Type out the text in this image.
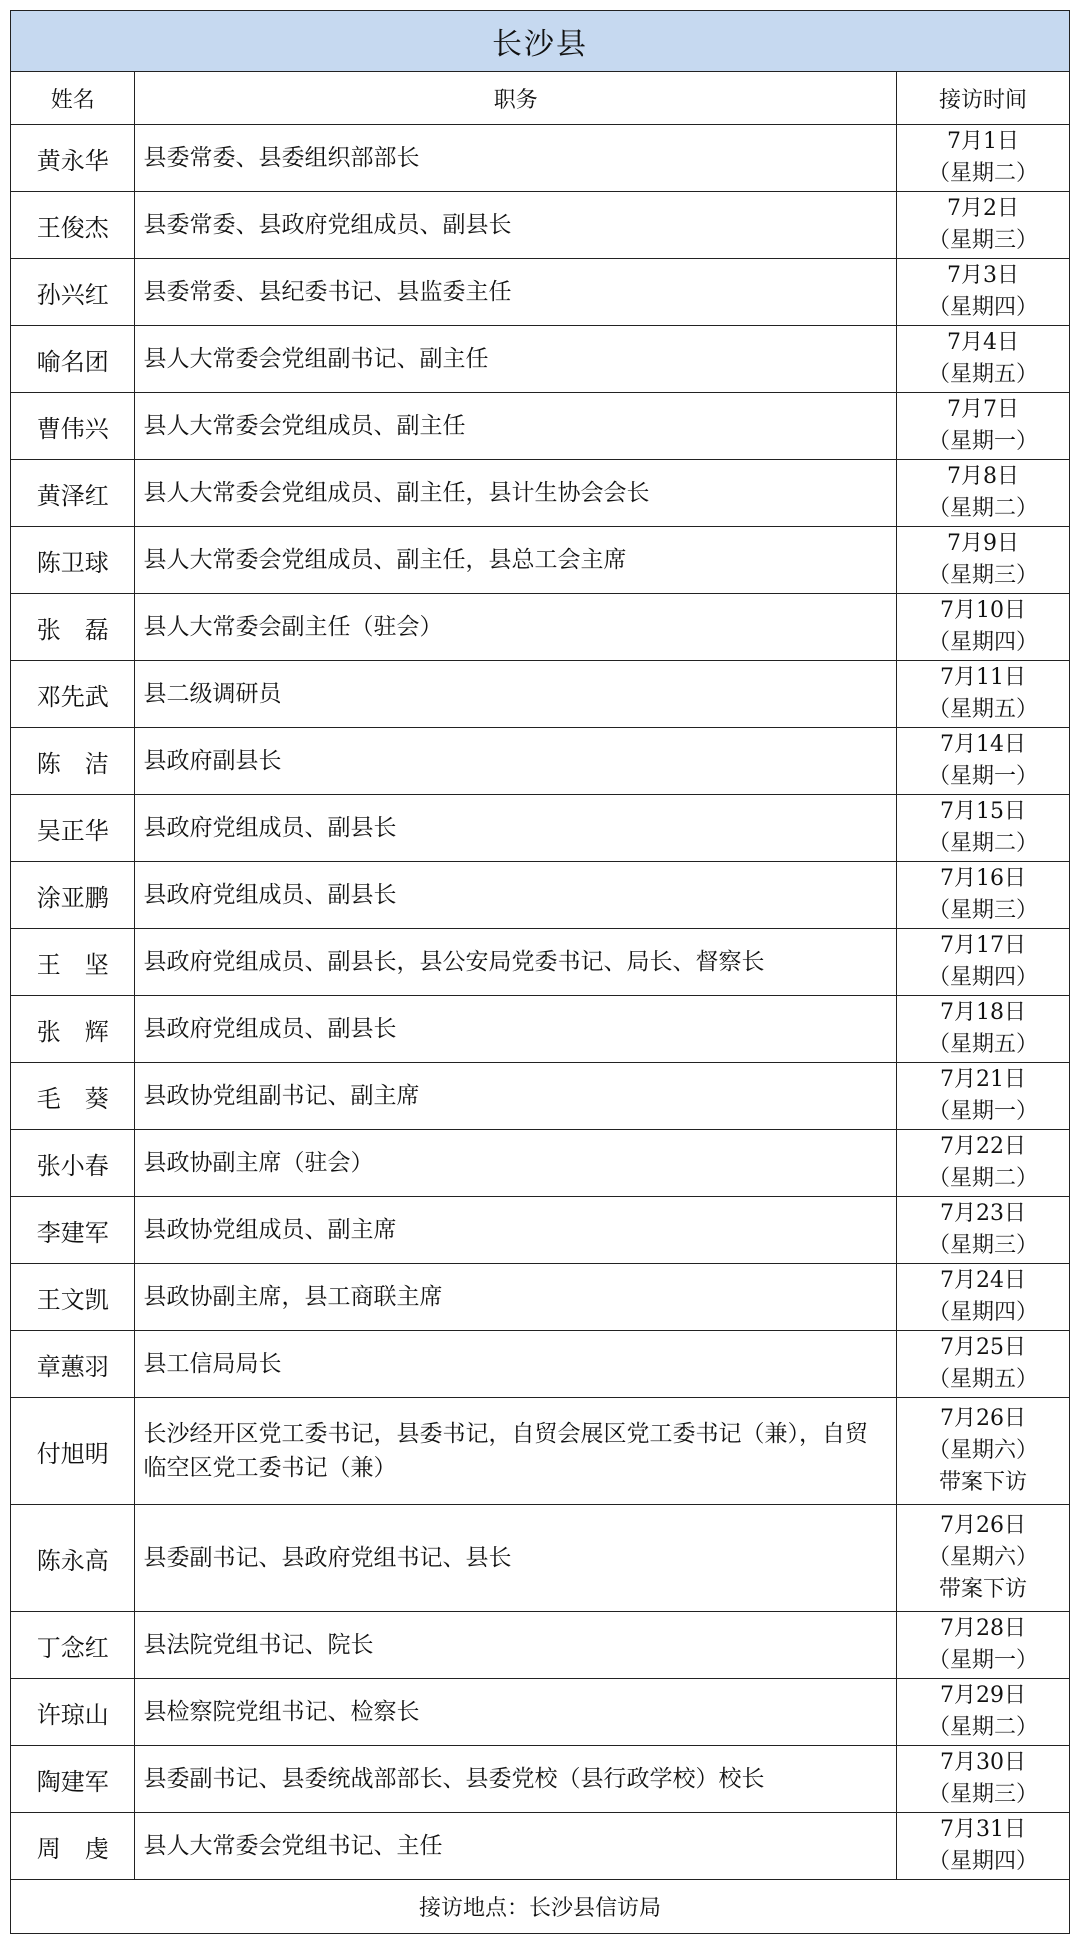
长沙县		
姓名	职务	接访时间
黄永华	县委常委、县委组织部部长	7月1日
（星期二）

王俊杰	县委常委、县政府党组成员、副县长	7月2日
（星期三）

孙兴红	县委常委、县纪委书记、县监委主任	7月3日
（星期四）

喻名团	县人大常委会党组副书记、副主任	7月4日
（星期五）

曹伟兴	县人大常委会党组成员、副主任	7月7日
（星期一）

黄泽红	县人大常委会党组成员、副主任，县计生协会会长	7月8日
（星期二）

陈卫球	县人大常委会党组成员、副主任，县总工会主席	7月9日
（星期三）

张　磊	县人大常委会副主任（驻会）	7月10日
（星期四）

邓先武	县二级调研员	7月11日
（星期五）

陈　洁	县政府副县长	7月14日
（星期一）

吴正华	县政府党组成员、副县长	7月15日
（星期二）

涂亚鹏	县政府党组成员、副县长	7月16日
（星期三）

王　坚	县政府党组成员、副县长，县公安局党委书记、局长、督察长	7月17日
（星期四）

张　辉	县政府党组成员、副县长	7月18日
（星期五）

毛　葵	县政协党组副书记、副主席	7月21日
（星期一）

张小春	县政协副主席（驻会）	7月22日
（星期二）

李建军	县政协党组成员、副主席	7月23日
（星期三）

王文凯	县政协副主席，县工商联主席	7月24日
（星期四）

章蕙羽	县工信局局长	7月25日
（星期五）

付旭明	长沙经开区党工委书记，县委书记，自贸会展区党工委书记（兼），自贸临空区党工委书记（兼）	7月26日
（星期六）
带案下访

陈永高	县委副书记、县政府党组书记、县长	7月26日
（星期六）
带案下访

丁念红	县法院党组书记、院长	7月28日
（星期一）

许琼山	县检察院党组书记、检察长	7月29日
（星期二）

陶建军	县委副书记、县委统战部部长、县委党校（县行政学校）校长	7月30日
（星期三）

周　虔	县人大常委会党组书记、主任	7月31日
（星期四）

接访地点：长沙县信访局		
